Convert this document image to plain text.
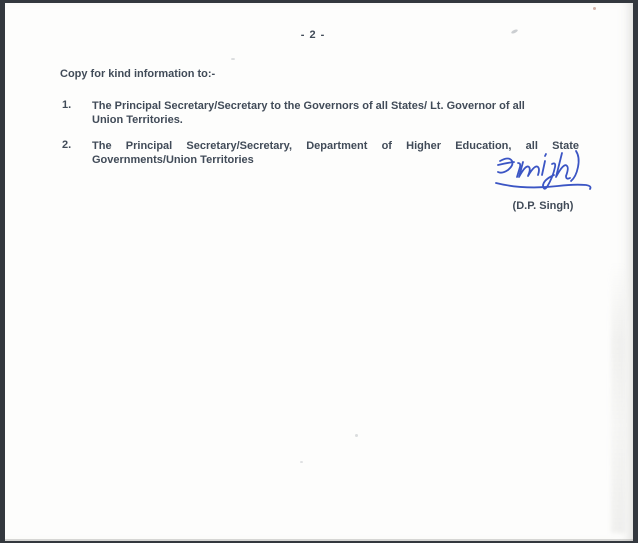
- 2 -
Copy for kind information to:-
1. The Principal Secretary/Secretary to the Governors of all States/ Lt. Governor of all
Union Territories.
2. The Principal Secretary/Secretary, Department of Higher Education, all State
Governments/Union Territories
(D.P. Singh)
